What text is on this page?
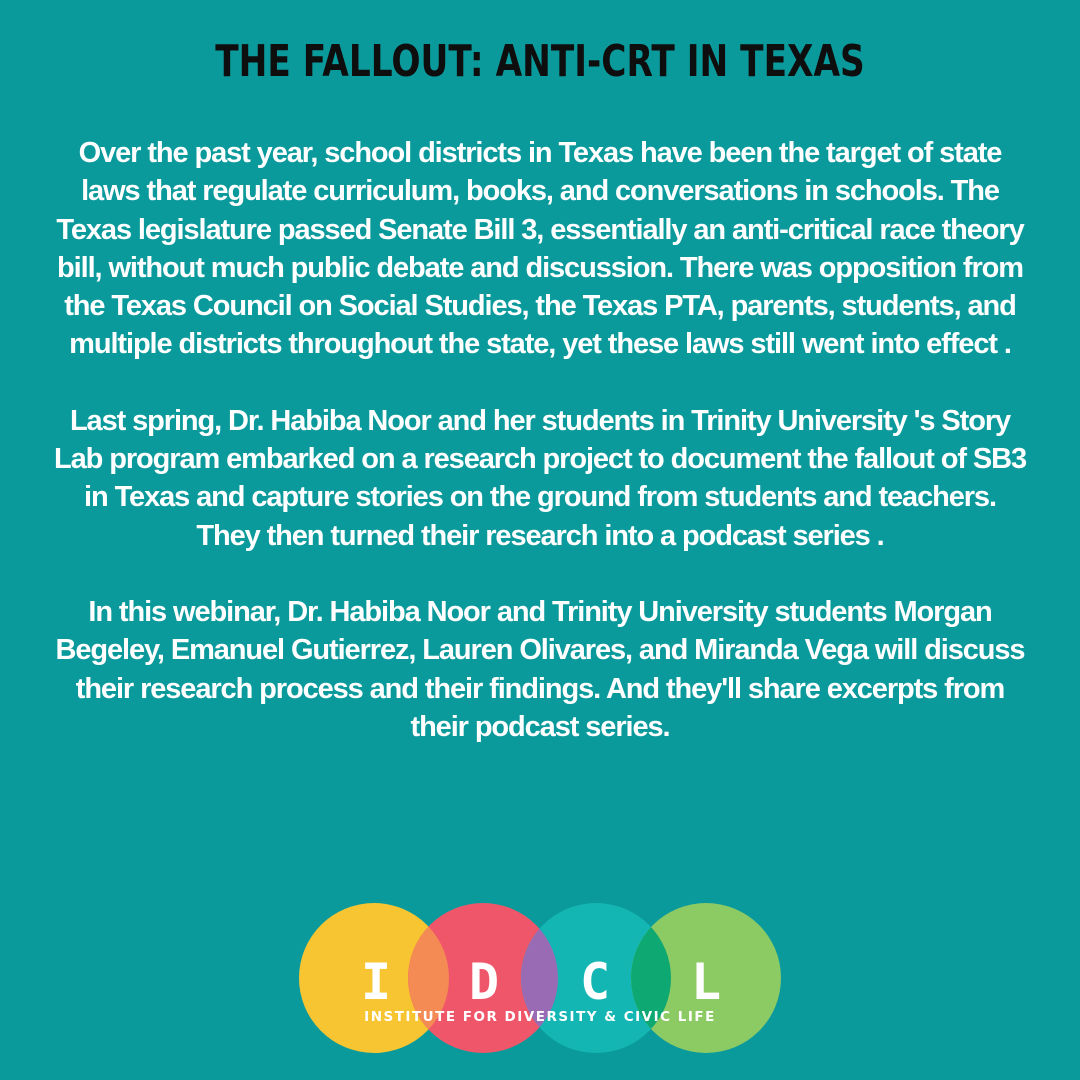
THE FALLOUT: ANTI-CRT IN TEXAS

Over the past year, school districts in Texas have been the target of state
laws that regulate curriculum, books, and conversations in schools. The
Texas legislature passed Senate Bill 3, essentially an anti-critical race theory
bill, without much public debate and discussion. There was opposition from
the Texas Council on Social Studies, the Texas PTA, parents, students, and
multiple districts throughout the state, yet these laws still went into effect .

Last spring, Dr. Habiba Noor and her students in Trinity University 's Story
Lab program embarked on a research project to document the fallout of SB3
in Texas and capture stories on the ground from students and teachers.
They then turned their research into a podcast series .

In this webinar, Dr. Habiba Noor and Trinity University students Morgan
Begeley, Emanuel Gutierrez, Lauren Olivares, and Miranda Vega will discuss
their research process and their findings. And they'll share excerpts from
their podcast series.

I D C L
INSTITUTE FOR DIVERSITY & CIVIC LIFE
